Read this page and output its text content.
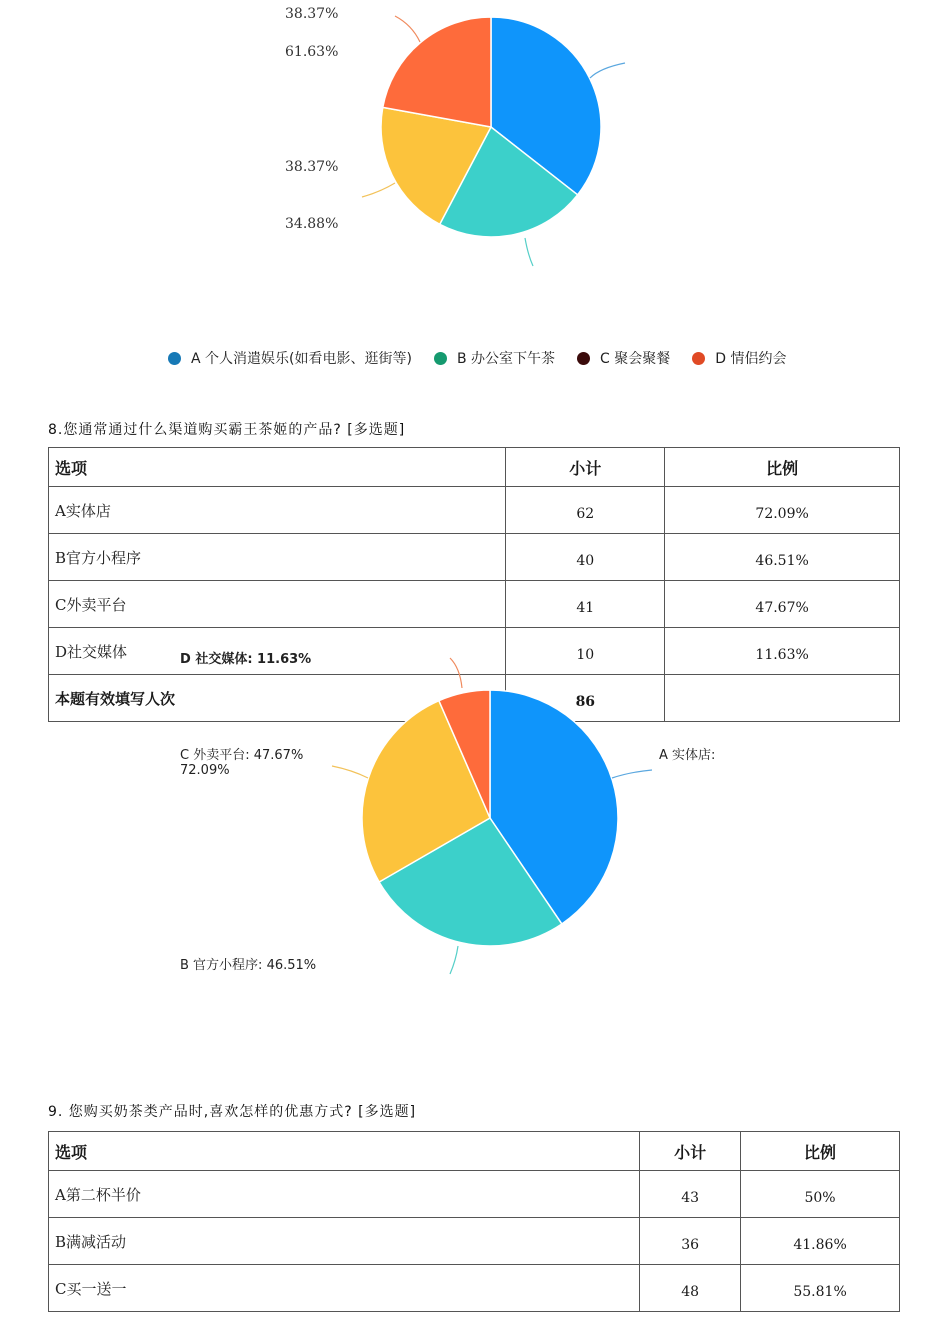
38.37%
61.63%
38.37%
34.88%
A 个人消遣娱乐(如看电影、逛街等)	B 办公室下午茶	C 聚会聚餐	D 情侣约会
8.您通常通过什么渠道购买霸王茶姬的产品? [多选题]
选项	小计	比例
A实体店	62	72.09%
B官方小程序	40	46.51%
C外卖平台	41	47.67%
D社交媒体	10	11.63%
本题有效填写人次	86	
D 社交媒体: 11.63%
C 外卖平台: 47.67%
72.09%
A 实体店:
B 官方小程序: 46.51%
9. 您购买奶茶类产品时,喜欢怎样的优惠方式? [多选题]
选项	小计	比例
A第二杯半价	43	50%
B满减活动	36	41.86%
C买一送一	48	55.81%
